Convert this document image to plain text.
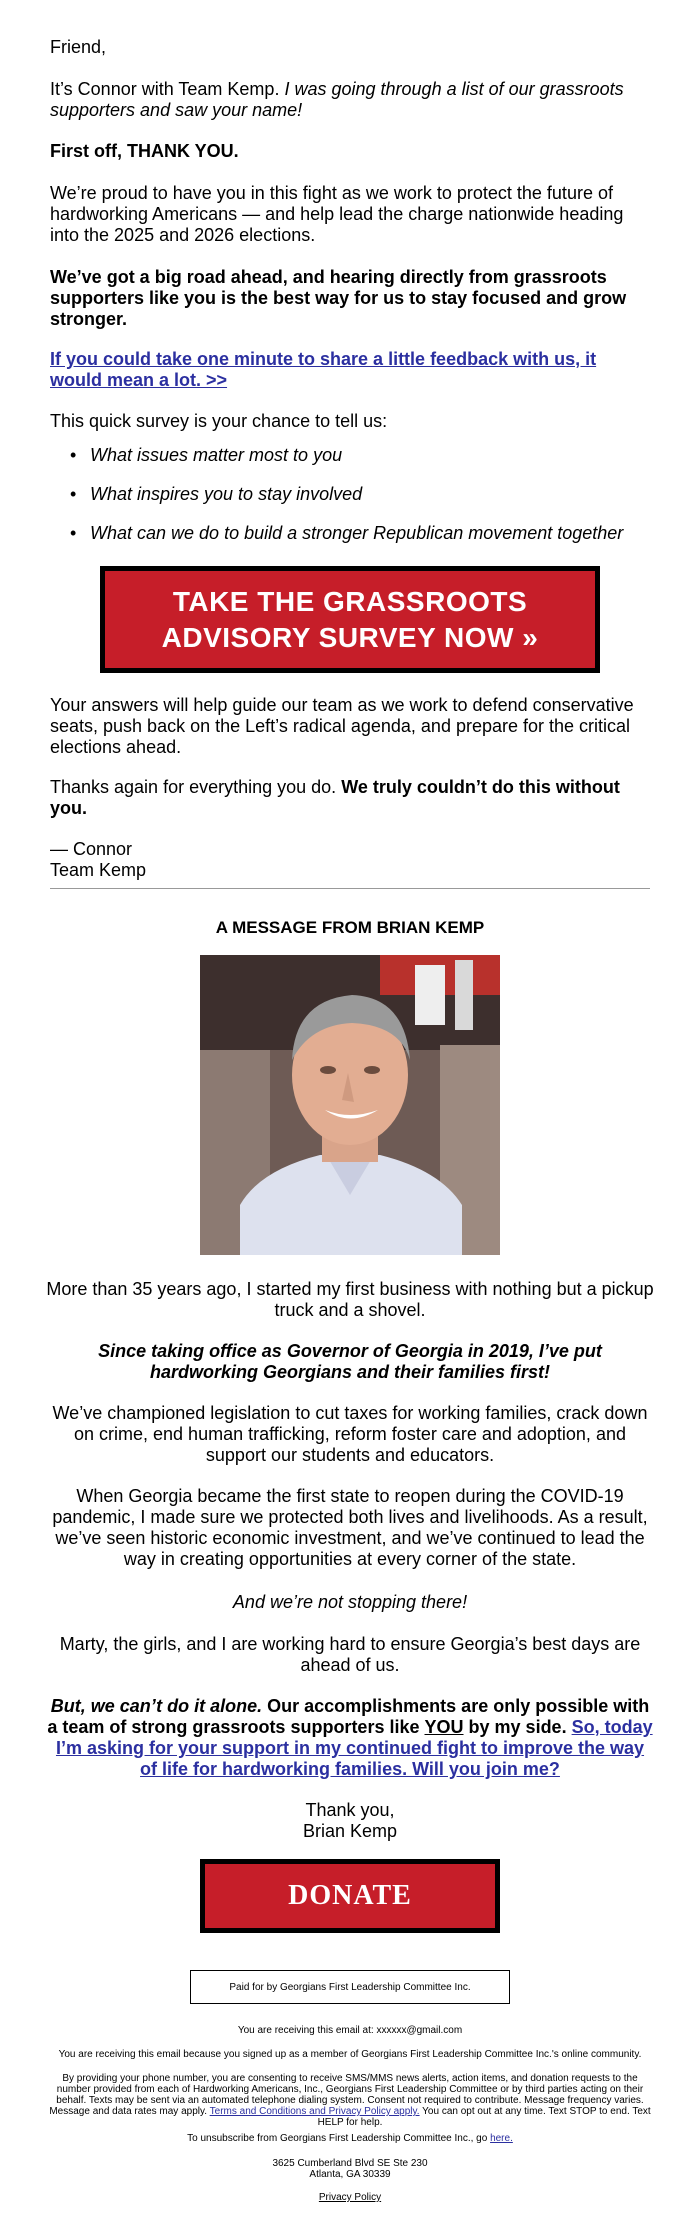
Friend,

It’s Connor with Team Kemp. I was going through a list of our grassroots supporters and saw your name!

First off, THANK YOU.

We’re proud to have you in this fight as we work to protect the future of hardworking Americans — and help lead the charge nationwide heading into the 2025 and 2026 elections.

We’ve got a big road ahead, and hearing directly from grassroots supporters like you is the best way for us to stay focused and grow stronger.

If you could take one minute to share a little feedback with us, it would mean a lot. >>

This quick survey is your chance to tell us:

• What issues matter most to you
• What inspires you to stay involved
• What can we do to build a stronger Republican movement together
TAKE THE GRASSROOTS
ADVISORY SURVEY NOW »

Your answers will help guide our team as we work to defend conservative seats, push back on the Left’s radical agenda, and prepare for the critical elections ahead.

Thanks again for everything you do. We truly couldn’t do this without you.

— Connor
Team Kemp

A MESSAGE FROM BRIAN KEMP

More than 35 years ago, I started my first business with nothing but a pickup truck and a shovel.

Since taking office as Governor of Georgia in 2019, I’ve put hardworking Georgians and their families first!

We’ve championed legislation to cut taxes for working families, crack down on crime, end human trafficking, reform foster care and adoption, and support our students and educators.

When Georgia became the first state to reopen during the COVID-19 pandemic, I made sure we protected both lives and livelihoods. As a result, we’ve seen historic economic investment, and we’ve continued to lead the way in creating opportunities at every corner of the state.

And we’re not stopping there!

Marty, the girls, and I are working hard to ensure Georgia’s best days are ahead of us.

But, we can’t do it alone. Our accomplishments are only possible with a team of strong grassroots supporters like YOU by my side. So, today I’m asking for your support in my continued fight to improve the way of life for hardworking families. Will you join me?

Thank you,
Brian Kemp
DONATE
Paid for by Georgians First Leadership Committee Inc.

You are receiving this email at: xxxxxx@gmail.com

You are receiving this email because you signed up as a member of Georgians First Leadership Committee Inc.'s online community.

By providing your phone number, you are consenting to receive SMS/MMS news alerts, action items, and donation requests to the number provided from each of Hardworking Americans, Inc., Georgians First Leadership Committee or by third parties acting on their behalf. Texts may be sent via an automated telephone dialing system. Consent not required to contribute. Message frequency varies. Message and data rates may apply. Terms and Conditions and Privacy Policy apply. You can opt out at any time. Text STOP to end. Text HELP for help.

To unsubscribe from Georgians First Leadership Committee Inc., go here.

3625 Cumberland Blvd SE Ste 230
Atlanta, GA 30339

Privacy Policy
